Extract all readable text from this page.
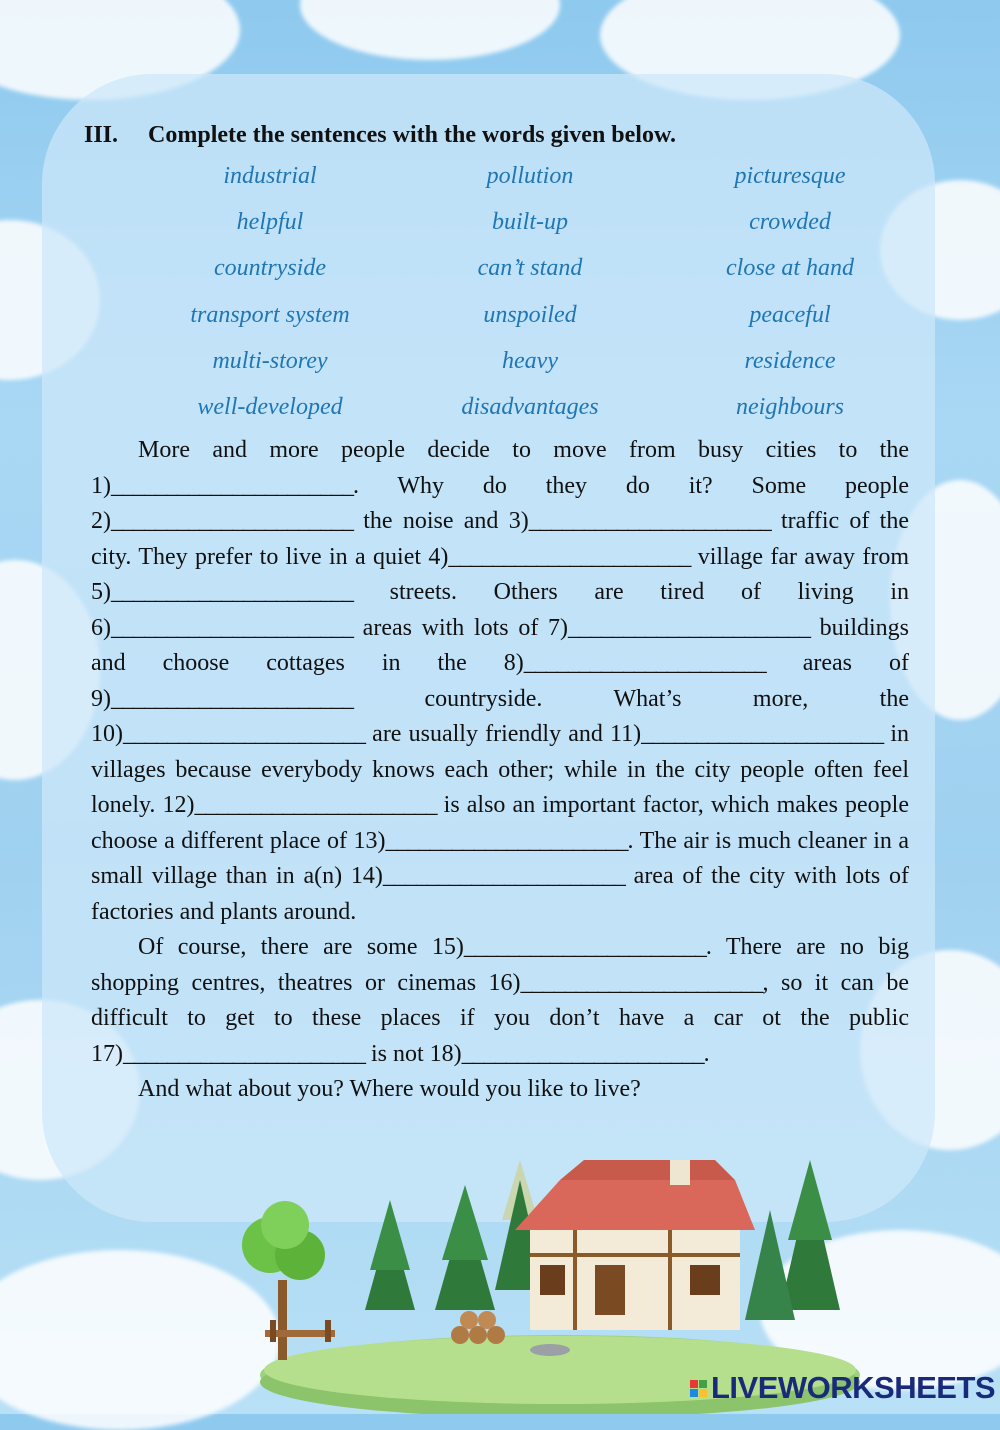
III. Complete the sentences with the words given below.
industrial	pollution	picturesque
helpful	built-up	crowded
countryside	can’t stand	close at hand
transport system	unspoiled	peaceful
multi-storey	heavy	residence
well-developed	disadvantages	neighbours

More and more people decide to move from busy cities to the 1)______________________. Why do they do it? Some people 2)______________________ the noise and 3)______________________ traffic of the city. They prefer to live in a quiet 4)______________________ village far away from 5)______________________ streets. Others are tired of living in 6)______________________ areas with lots of 7)______________________ buildings and choose cottages in the 8)______________________ areas of 9)______________________ countryside. What’s more, the 10)______________________ are usually friendly and 11)______________________ in villages because everybody knows each other; while in the city people often feel lonely. 12)______________________ is also an important factor, which makes people choose a different place of 13)______________________. The air is much cleaner in a small village than in a(n) 14)______________________ area of the city with lots of factories and plants around.

Of course, there are some 15)______________________. There are no big shopping centres, theatres or cinemas 16)______________________, so it can be difficult to get to these places if you don’t have a car ot the public 17)______________________ is not 18)______________________.

And what about you? Where would you like to live?

LIVEWORKSHEETS
